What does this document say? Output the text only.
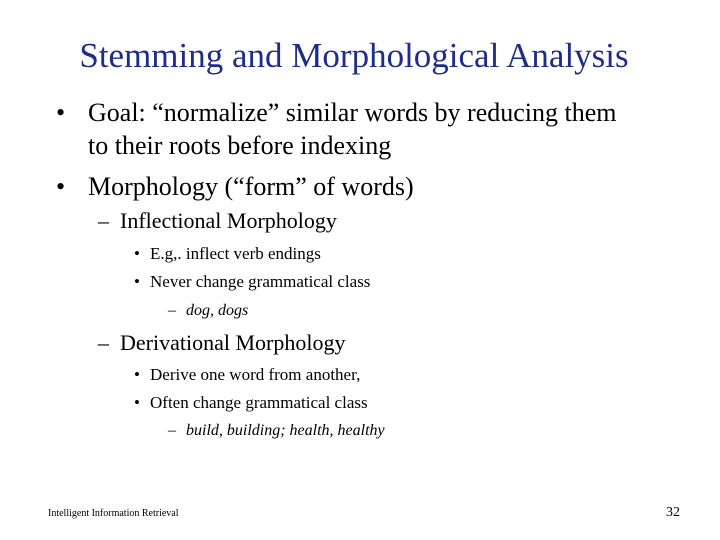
Stemming and Morphological Analysis
• Goal: “normalize” similar words by reducing them
to their roots before indexing
• Morphology (“form” of words)
– Inflectional Morphology
• E.g,. inflect verb endings
• Never change grammatical class
– dog, dogs
– Derivational Morphology
• Derive one word from another,
• Often change grammatical class
– build, building; health, healthy
Intelligent Information Retrieval	32
